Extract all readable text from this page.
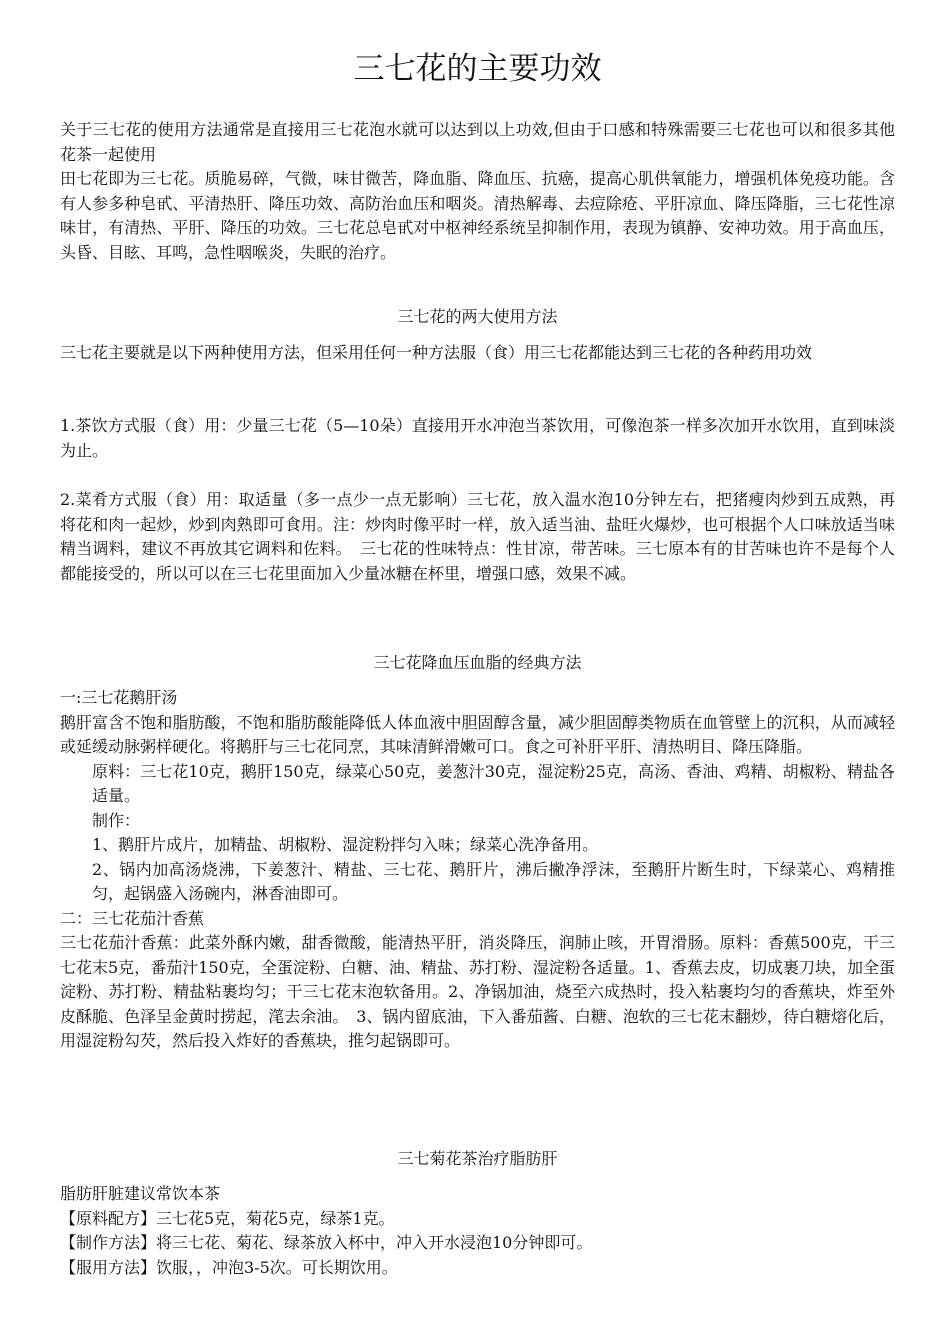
三七花的主要功效

关于三七花的使用方法通常是直接用三七花泡水就可以达到以上功效,但由于口感和特殊需要三七花也可以和很多其他花茶一起使用

田七花即为三七花。质脆易碎，气微，味甘微苦，降血脂、降血压、抗癌，提高心肌供氧能力，增强机体免疫功能。含有人参多种皂甙、平清热肝、降压功效、高防治血压和咽炎。清热解毒、去痘除疮、平肝凉血、降压降脂，三七花性凉味甘，有清热、平肝、降压的功效。三七花总皂甙对中枢神经系统呈抑制作用，表现为镇静、安神功效。用于高血压，头昏、目眩、耳鸣，急性咽喉炎，失眠的治疗。

三七花的两大使用方法

三七花主要就是以下两种使用方法，但采用任何一种方法服（食）用三七花都能达到三七花的各种药用功效

1.茶饮方式服（食）用：少量三七花（5—10朵）直接用开水冲泡当茶饮用，可像泡茶一样多次加开水饮用，直到味淡为止。

2.菜肴方式服（食）用：取适量（多一点少一点无影响）三七花，放入温水泡10分钟左右，把猪瘦肉炒到五成熟，再将花和肉一起炒，炒到肉熟即可食用。注：炒肉时像平时一样，放入适当油、盐旺火爆炒，也可根据个人口味放适当味精当调料，建议不再放其它调料和佐料。　三七花的性味特点：性甘凉，带苦味。三七原本有的甘苦味也许不是每个人都能接受的，所以可以在三七花里面加入少量冰糖在杯里，增强口感，效果不减。

三七花降血压血脂的经典方法

一:三七花鹅肝汤

鹅肝富含不饱和脂肪酸，不饱和脂肪酸能降低人体血液中胆固醇含量，减少胆固醇类物质在血管壁上的沉积，从而减轻或延缓动脉粥样硬化。将鹅肝与三七花同烹，其味清鲜滑嫩可口。食之可补肝平肝、清热明目、降压降脂。

原料：三七花10克，鹅肝150克，绿菜心50克，姜葱汁30克，湿淀粉25克，高汤、香油、鸡精、胡椒粉、精盐各适量。

制作：

1、鹅肝片成片，加精盐、胡椒粉、湿淀粉拌匀入味；绿菜心洗净备用。

2、锅内加高汤烧沸，下姜葱汁、精盐、三七花、鹅肝片，沸后撇净浮沫，至鹅肝片断生时，下绿菜心、鸡精推匀，起锅盛入汤碗内，淋香油即可。

二：三七花茄汁香蕉

三七花茄汁香蕉：此菜外酥内嫩，甜香微酸，能清热平肝，消炎降压，润肺止咳，开胃滑肠。原料：香蕉500克，干三七花末5克，番茄汁150克，全蛋淀粉、白糖、油、精盐、苏打粉、湿淀粉各适量。1、香蕉去皮，切成裹刀块，加全蛋淀粉、苏打粉、精盐粘裹均匀；干三七花末泡软备用。2、净锅加油，烧至六成热时，投入粘裹均匀的香蕉块，炸至外皮酥脆、色泽呈金黄时捞起，滗去余油。　3、锅内留底油，下入番茄酱、白糖、泡软的三七花末翻炒，待白糖熔化后，用湿淀粉勾芡，然后投入炸好的香蕉块，推匀起锅即可。

三七菊花茶治疗脂肪肝

脂肪肝脏建议常饮本茶

【原料配方】三七花5克，菊花5克，绿茶1克。

【制作方法】将三七花、菊花、绿茶放入杯中，冲入开水浸泡10分钟即可。

【服用方法】饮服，，冲泡3-5次。可长期饮用。
